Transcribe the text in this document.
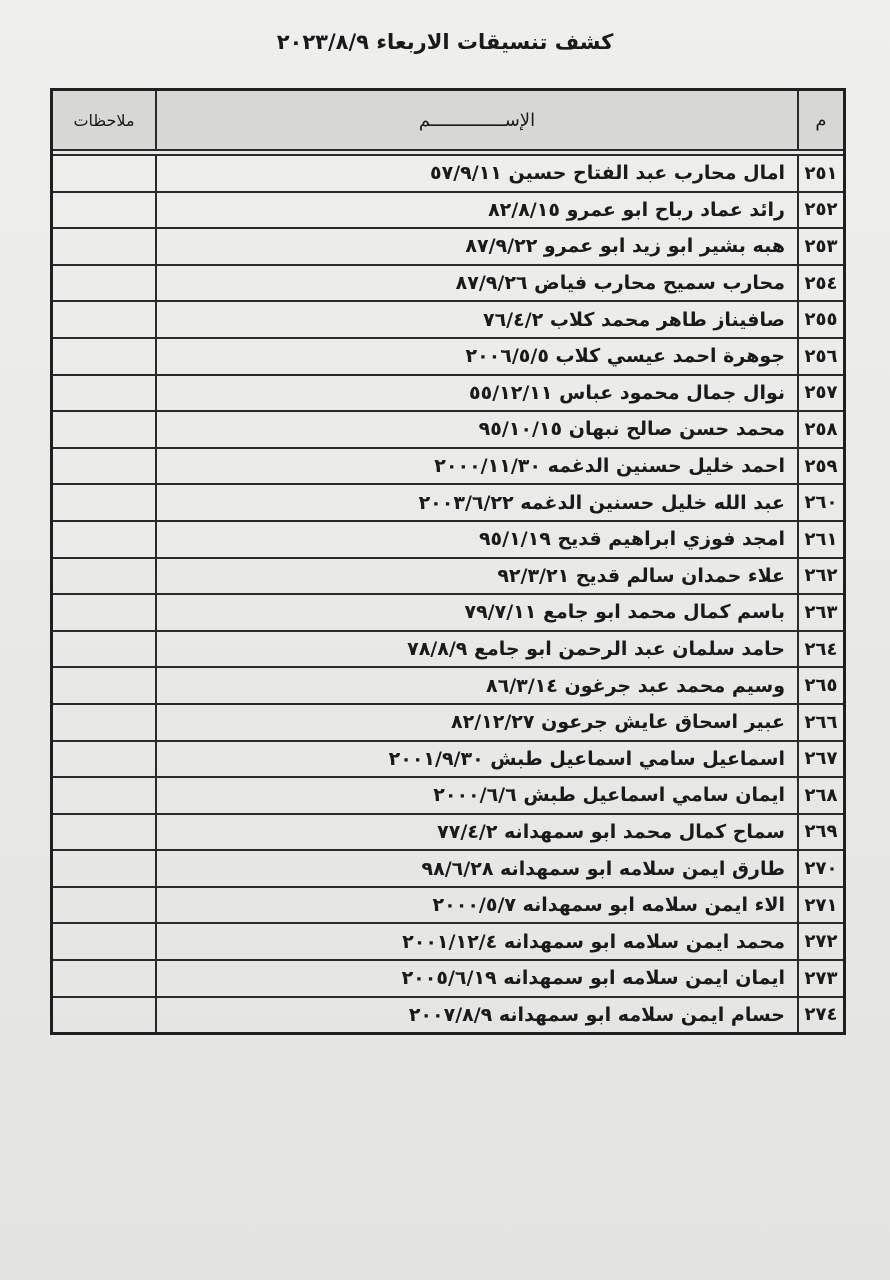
كشف تنسيقات الاربعاء ٢٠٢٣/٨/٩
م	الإســــــــــــــم	ملاحظات

٢٥١	امال محارب عبد الفتاح حسين ٥٧/٩/١١	
٢٥٢	رائد عماد رباح ابو عمرو ٨٢/٨/١٥	
٢٥٣	هبه بشير ابو زيد ابو عمرو ٨٧/٩/٢٢	
٢٥٤	محارب سميح محارب فياض ٨٧/٩/٢٦	
٢٥٥	صافيناز طاهر محمد كلاب ٧٦/٤/٢	
٢٥٦	جوهرة احمد عيسي كلاب ٢٠٠٦/٥/٥	
٢٥٧	نوال جمال محمود عباس ٥٥/١٢/١١	
٢٥٨	محمد حسن صالح نبهان ٩٥/١٠/١٥	
٢٥٩	احمد خليل حسنين الدغمه ٢٠٠٠/١١/٣٠	
٢٦٠	عبد الله خليل حسنين الدغمه ٢٠٠٣/٦/٢٢	
٢٦١	امجد فوزي ابراهيم قديح ٩٥/١/١٩	
٢٦٢	علاء حمدان سالم قديح ٩٢/٣/٢١	
٢٦٣	باسم كمال محمد ابو جامع ٧٩/٧/١١	
٢٦٤	حامد سلمان عبد الرحمن ابو جامع ٧٨/٨/٩	
٢٦٥	وسيم محمد عبد جرغون ٨٦/٣/١٤	
٢٦٦	عبير اسحاق عايش جرعون ٨٢/١٢/٢٧	
٢٦٧	اسماعيل سامي اسماعيل طبش ٢٠٠١/٩/٣٠	
٢٦٨	ايمان سامي اسماعيل طبش ٢٠٠٠/٦/٦	
٢٦٩	سماح كمال محمد ابو سمهدانه ٧٧/٤/٢	
٢٧٠	طارق ايمن سلامه ابو سمهدانه ٩٨/٦/٢٨	
٢٧١	الاء ايمن سلامه ابو سمهدانه ٢٠٠٠/٥/٧	
٢٧٢	محمد ايمن سلامه ابو سمهدانه ٢٠٠١/١٢/٤	
٢٧٣	ايمان ايمن سلامه ابو سمهدانه ٢٠٠٥/٦/١٩	
٢٧٤	حسام ايمن سلامه ابو سمهدانه ٢٠٠٧/٨/٩	
